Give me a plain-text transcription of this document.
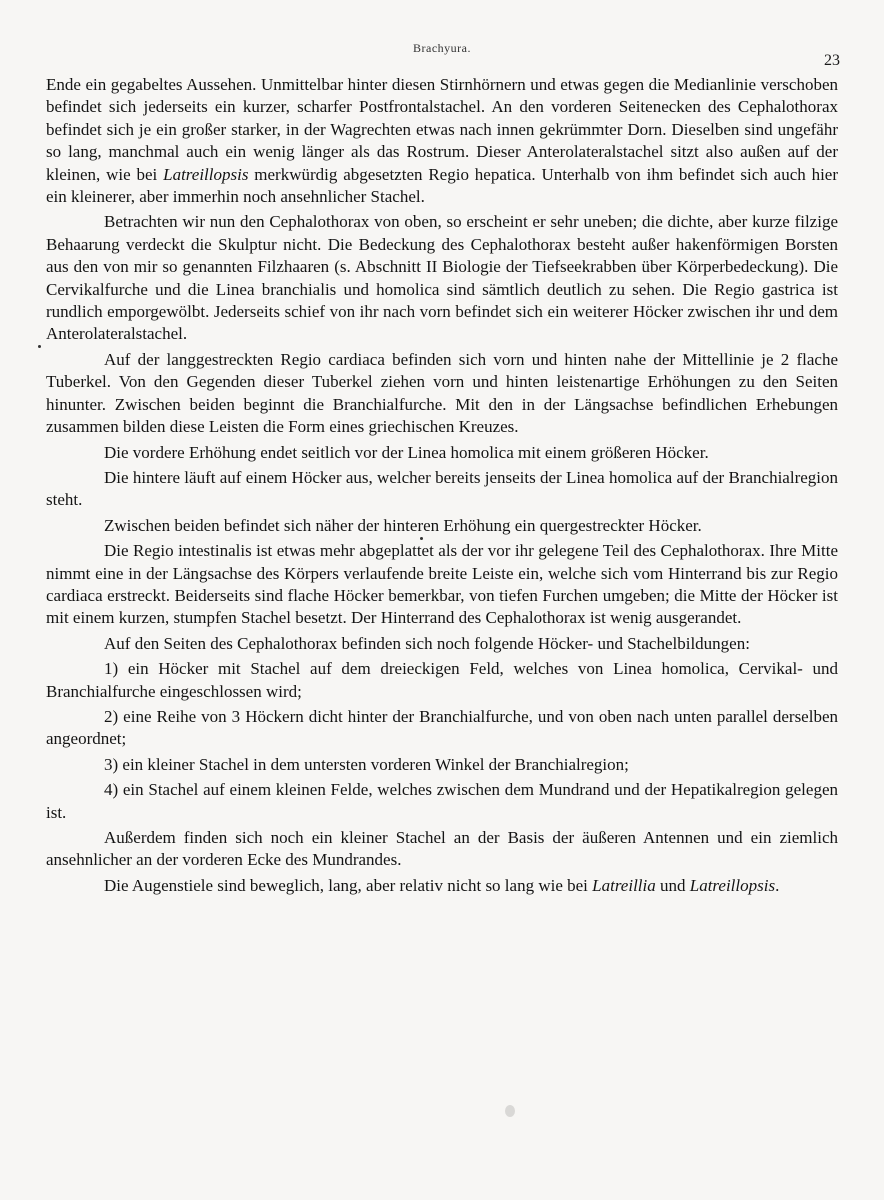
Brachyura.
23

Ende ein gegabeltes Aussehen. Unmittelbar hinter diesen Stirnhörnern und etwas gegen die Medianlinie verschoben befindet sich jederseits ein kurzer, scharfer Postfrontalstachel. An den vorderen Seitenecken des Cephalothorax befindet sich je ein großer starker, in der Wagrechten etwas nach innen gekrümmter Dorn. Dieselben sind ungefähr so lang, manchmal auch ein wenig länger als das Rostrum. Dieser Anterolateralstachel sitzt also außen auf der kleinen, wie bei Latreillopsis merkwürdig abgesetzten Regio hepatica. Unterhalb von ihm befindet sich auch hier ein kleinerer, aber immerhin noch ansehnlicher Stachel.

Betrachten wir nun den Cephalothorax von oben, so erscheint er sehr uneben; die dichte, aber kurze filzige Behaarung verdeckt die Skulptur nicht. Die Bedeckung des Cephalothorax besteht außer hakenförmigen Borsten aus den von mir so genannten Filzhaaren (s. Abschnitt II Biologie der Tiefseekrabben über Körperbedeckung). Die Cervikalfurche und die Linea branchialis und homolica sind sämtlich deutlich zu sehen. Die Regio gastrica ist rundlich emporgewölbt. Jederseits schief von ihr nach vorn befindet sich ein weiterer Höcker zwischen ihr und dem Anterolateralstachel.

Auf der langgestreckten Regio cardiaca befinden sich vorn und hinten nahe der Mittellinie je 2 flache Tuberkel. Von den Gegenden dieser Tuberkel ziehen vorn und hinten leistenartige Erhöhungen zu den Seiten hinunter. Zwischen beiden beginnt die Branchialfurche. Mit den in der Längsachse befindlichen Erhebungen zusammen bilden diese Leisten die Form eines griechischen Kreuzes.

Die vordere Erhöhung endet seitlich vor der Linea homolica mit einem größeren Höcker.

Die hintere läuft auf einem Höcker aus, welcher bereits jenseits der Linea homolica auf der Branchialregion steht.

Zwischen beiden befindet sich näher der hinteren Erhöhung ein quergestreckter Höcker.

Die Regio intestinalis ist etwas mehr abgeplattet als der vor ihr gelegene Teil des Cephalothorax. Ihre Mitte nimmt eine in der Längsachse des Körpers verlaufende breite Leiste ein, welche sich vom Hinterrand bis zur Regio cardiaca erstreckt. Beiderseits sind flache Höcker bemerkbar, von tiefen Furchen umgeben; die Mitte der Höcker ist mit einem kurzen, stumpfen Stachel besetzt. Der Hinterrand des Cephalothorax ist wenig ausgerandet.

Auf den Seiten des Cephalothorax befinden sich noch folgende Höcker- und Stachelbildungen:

1) ein Höcker mit Stachel auf dem dreieckigen Feld, welches von Linea homolica, Cervikal- und Branchialfurche eingeschlossen wird;

2) eine Reihe von 3 Höckern dicht hinter der Branchialfurche, und von oben nach unten parallel derselben angeordnet;

3) ein kleiner Stachel in dem untersten vorderen Winkel der Branchialregion;

4) ein Stachel auf einem kleinen Felde, welches zwischen dem Mundrand und der Hepatikalregion gelegen ist.

Außerdem finden sich noch ein kleiner Stachel an der Basis der äußeren Antennen und ein ziemlich ansehnlicher an der vorderen Ecke des Mundrandes.

Die Augenstiele sind beweglich, lang, aber relativ nicht so lang wie bei Latreillia und Latreillopsis.
